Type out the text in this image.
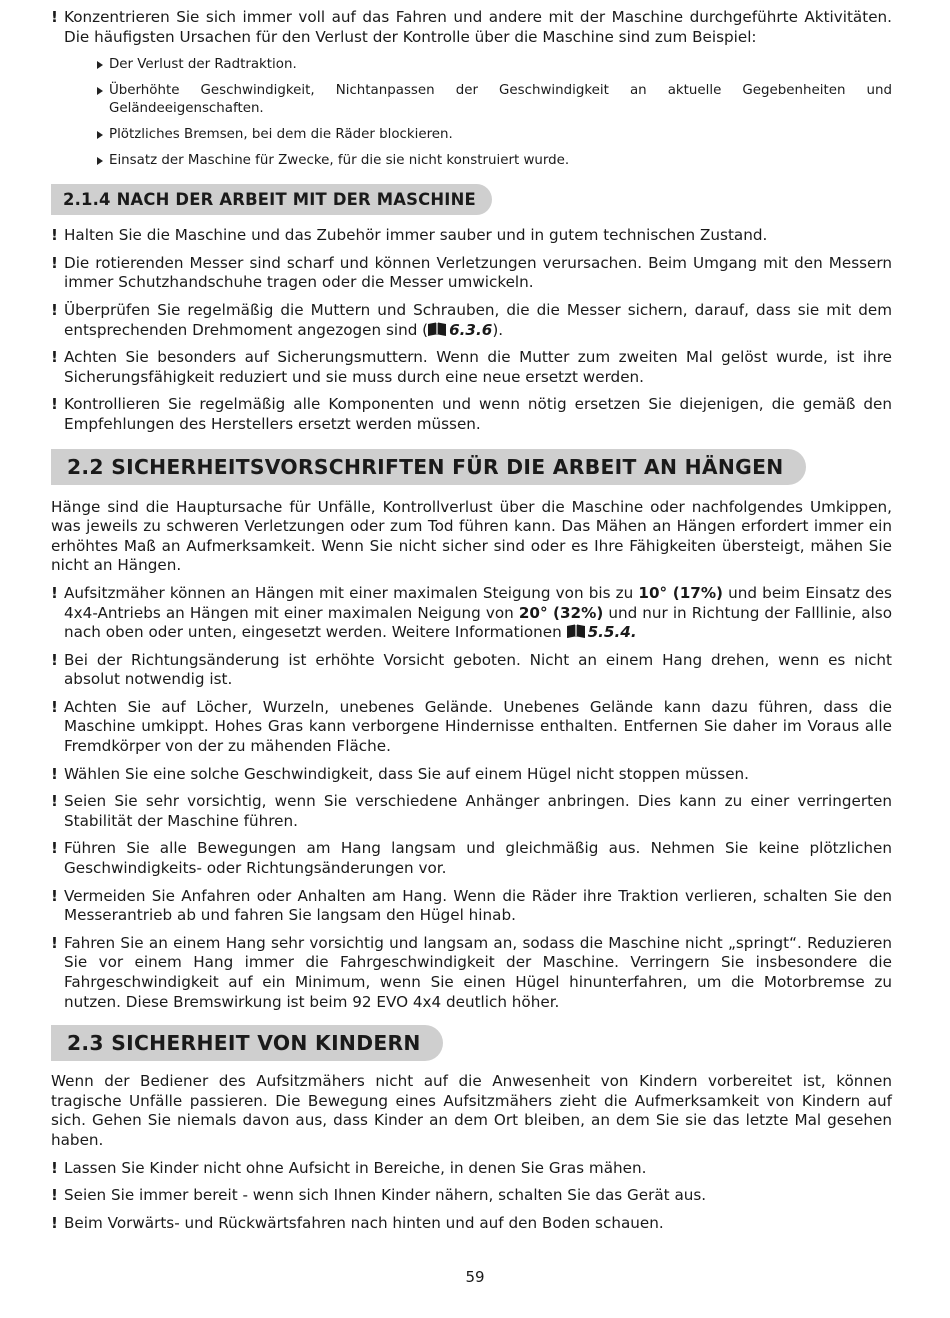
! Konzentrieren Sie sich immer voll auf das Fahren und andere mit der Maschine durchgeführte Aktivitäten. Die häufigsten Ursachen für den Verlust der Kontrolle über die Maschine sind zum Beispiel:
Der Verlust der Radtraktion.
Überhöhte Geschwindigkeit, Nichtanpassen der Geschwindigkeit an aktuelle Gegebenheiten und Geländeeigenschaften.
Plötzliches Bremsen, bei dem die Räder blockieren.
Einsatz der Maschine für Zwecke, für die sie nicht konstruiert wurde.
2.1.4 NACH DER ARBEIT MIT DER MASCHINE
! Halten Sie die Maschine und das Zubehör immer sauber und in gutem technischen Zustand.
! Die rotierenden Messer sind scharf und können Verletzungen verursachen. Beim Umgang mit den Messern immer Schutzhandschuhe tragen oder die Messer umwickeln.
! Überprüfen Sie regelmäßig die Muttern und Schrauben, die die Messer sichern, darauf, dass sie mit dem entsprechenden Drehmoment angezogen sind ( 6.3.6).
! Achten Sie besonders auf Sicherungsmuttern. Wenn die Mutter zum zweiten Mal gelöst wurde, ist ihre Sicherungsfähigkeit reduziert und sie muss durch eine neue ersetzt werden.
! Kontrollieren Sie regelmäßig alle Komponenten und wenn nötig ersetzen Sie diejenigen, die gemäß den Empfehlungen des Herstellers ersetzt werden müssen.
2.2 SICHERHEITSVORSCHRIFTEN FÜR DIE ARBEIT AN HÄNGEN
Hänge sind die Hauptursache für Unfälle, Kontrollverlust über die Maschine oder nachfolgendes Umkippen, was jeweils zu schweren Verletzungen oder zum Tod führen kann. Das Mähen an Hängen erfordert immer ein erhöhtes Maß an Aufmerksamkeit. Wenn Sie nicht sicher sind oder es Ihre Fähigkeiten übersteigt, mähen Sie nicht an Hängen.
! Aufsitzmäher können an Hängen mit einer maximalen Steigung von bis zu 10° (17%) und beim Einsatz des 4x4-Antriebs an Hängen mit einer maximalen Neigung von 20° (32%) und nur in Richtung der Falllinie, also nach oben oder unten, eingesetzt werden. Weitere Informationen 5.5.4.
! Bei der Richtungsänderung ist erhöhte Vorsicht geboten. Nicht an einem Hang drehen, wenn es nicht absolut notwendig ist.
! Achten Sie auf Löcher, Wurzeln, unebenes Gelände. Unebenes Gelände kann dazu führen, dass die Maschine umkippt. Hohes Gras kann verborgene Hindernisse enthalten. Entfernen Sie daher im Voraus alle Fremdkörper von der zu mähenden Fläche.
! Wählen Sie eine solche Geschwindigkeit, dass Sie auf einem Hügel nicht stoppen müssen.
! Seien Sie sehr vorsichtig, wenn Sie verschiedene Anhänger anbringen. Dies kann zu einer verringerten Stabilität der Maschine führen.
! Führen Sie alle Bewegungen am Hang langsam und gleichmäßig aus. Nehmen Sie keine plötzlichen Geschwindigkeits- oder Richtungsänderungen vor.
! Vermeiden Sie Anfahren oder Anhalten am Hang. Wenn die Räder ihre Traktion verlieren, schalten Sie den Messerantrieb ab und fahren Sie langsam den Hügel hinab.
! Fahren Sie an einem Hang sehr vorsichtig und langsam an, sodass die Maschine nicht „springt“. Reduzieren Sie vor einem Hang immer die Fahrgeschwindigkeit der Maschine. Verringern Sie insbesondere die Fahrgeschwindigkeit auf ein Minimum, wenn Sie einen Hügel hinunterfahren, um die Motorbremse zu nutzen. Diese Bremswirkung ist beim 92 EVO 4x4 deutlich höher.
2.3 SICHERHEIT VON KINDERN
Wenn der Bediener des Aufsitzmähers nicht auf die Anwesenheit von Kindern vorbereitet ist, können tragische Unfälle passieren. Die Bewegung eines Aufsitzmähers zieht die Aufmerksamkeit von Kindern auf sich. Gehen Sie niemals davon aus, dass Kinder an dem Ort bleiben, an dem Sie sie das letzte Mal gesehen haben.
! Lassen Sie Kinder nicht ohne Aufsicht in Bereiche, in denen Sie Gras mähen.
! Seien Sie immer bereit - wenn sich Ihnen Kinder nähern, schalten Sie das Gerät aus.
! Beim Vorwärts- und Rückwärtsfahren nach hinten und auf den Boden schauen.
59
